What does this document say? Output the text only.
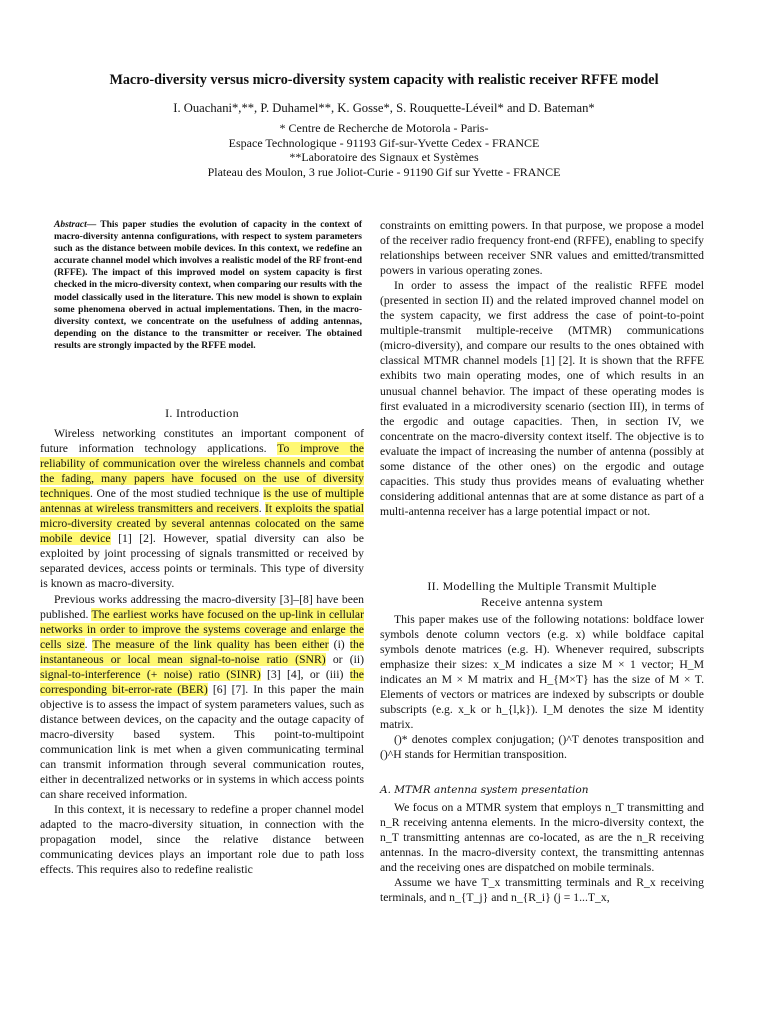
Macro-diversity versus micro-diversity system capacity with realistic receiver RFFE model
I. Ouachani*,**, P. Duhamel**, K. Gosse*, S. Rouquette-Léveil* and D. Bateman*
* Centre de Recherche de Motorola - Paris-
Espace Technologique - 91193 Gif-sur-Yvette Cedex - FRANCE
**Laboratoire des Signaux et Systèmes
Plateau des Moulon, 3 rue Joliot-Curie - 91190 Gif sur Yvette - FRANCE
Abstract— This paper studies the evolution of capacity in the context of macro-diversity antenna configurations, with respect to system parameters such as the distance between mobile devices. In this context, we redefine an accurate channel model which involves a realistic model of the RF front-end (RFFE). The impact of this improved model on system capacity is first checked in the micro-diversity context, when comparing our results with the model classically used in the literature. This new model is shown to explain some phenomena oberved in actual implementations. Then, in the macro-diversity context, we concentrate on the usefulness of adding antennas, depending on the distance to the transmitter or receiver. The obtained results are strongly impacted by the RFFE model.
I. Introduction

Wireless networking constitutes an important component of future information technology applications. To improve the reliability of communication over the wireless channels and combat the fading, many papers have focused on the use of diversity techniques. One of the most studied technique is the use of multiple antennas at wireless transmitters and receivers. It exploits the spatial micro-diversity created by several antennas colocated on the same mobile device [1] [2]. However, spatial diversity can also be exploited by joint processing of signals transmitted or received by separated devices, access points or terminals. This type of diversity is known as macro-diversity.

Previous works addressing the macro-diversity [3]–[8] have been published. The earliest works have focused on the up-link in cellular networks in order to improve the systems coverage and enlarge the cells size. The measure of the link quality has been either (i) the instantaneous or local mean signal-to-noise ratio (SNR) or (ii) signal-to-interference (+ noise) ratio (SINR) [3] [4], or (iii) the corresponding bit-error-rate (BER) [6] [7]. In this paper the main objective is to assess the impact of system parameters values, such as distance between devices, on the capacity and the outage capacity of macro-diversity based system. This point-to-multipoint communication link is met when a given communicating terminal can transmit information through several communication routes, either in decentralized networks or in systems in which access points can share received information.

In this context, it is necessary to redefine a proper channel model adapted to the macro-diversity situation, in connection with the propagation model, since the relative distance between communicating devices plays an important role due to path loss effects. This requires also to redefine realistic

constraints on emitting powers. In that purpose, we propose a model of the receiver radio frequency front-end (RFFE), enabling to specify relationships between receiver SNR values and emitted/transmitted powers in various operating zones.

In order to assess the impact of the realistic RFFE model (presented in section II) and the related improved channel model on the system capacity, we first address the case of point-to-point multiple-transmit multiple-receive (MTMR) communications (micro-diversity), and compare our results to the ones obtained with classical MTMR channel models [1] [2]. It is shown that the RFFE exhibits two main operating modes, one of which results in an unusual channel behavior. The impact of these operating modes is first evaluated in a microdiversity scenario (section III), in terms of the ergodic and outage capacities. Then, in section IV, we concentrate on the macro-diversity context itself. The objective is to evaluate the impact of increasing the number of antenna (possibly at some distance of the other ones) on the ergodic and outage capacities. This study thus provides means of evaluating whether considering additional antennas that are at some distance as part of a multi-antenna receiver has a large potential impact or not.

II. Modelling the Multiple Transmit Multiple
Receive antenna system

This paper makes use of the following notations: boldface lower symbols denote column vectors (e.g. x) while boldface capital symbols denote matrices (e.g. H). Whenever required, subscripts emphasize their sizes: x_M indicates a size M × 1 vector; H_M indicates an M × M matrix and H_{M×T} has the size of M × T. Elements of vectors or matrices are indexed by subscripts or double subscripts (e.g. x_k or h_{l,k}). I_M denotes the size M identity matrix.

()* denotes complex conjugation; ()^T denotes transposition and ()^H stands for Hermitian transposition.

A. MTMR antenna system presentation

We focus on a MTMR system that employs n_T transmitting and n_R receiving antenna elements. In the micro-diversity context, the n_T transmitting antennas are co-located, as are the n_R receiving antennas. In the macro-diversity context, the transmitting antennas and the receiving ones are dispatched on mobile terminals.

Assume we have T_x transmitting terminals and R_x receiving terminals, and n_{T_j} and n_{R_i} (j = 1...T_x,
